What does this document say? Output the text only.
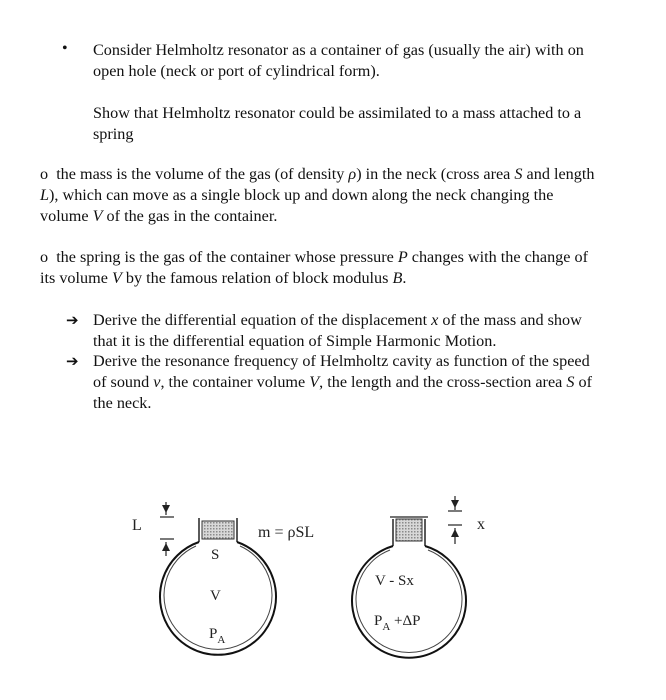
• Consider Helmholtz resonator as a container of gas (usually the air) with on

open hole (neck or port of cylindrical form).

Show that Helmholtz resonator could be assimilated to a mass attached to a

spring

o the mass is the volume of the gas (of density ρ) in the neck (cross area S and length

L), which can move as a single block up and down along the neck changing the

volume V of the gas in the container.

o the spring is the gas of the container whose pressure P changes with the change of

its volume V by the famous relation of block modulus B.

➔ Derive the differential equation of the displacement x of the mass and show

that it is the differential equation of Simple Harmonic Motion.

➔ Derive the resonance frequency of Helmholtz cavity as function of the speed

of sound v, the container volume V, the length and the cross-section area S of

the neck.

L	m = ρSL
S
V
$P_A$
x
V - Sx
$P_A +\Delta P$
